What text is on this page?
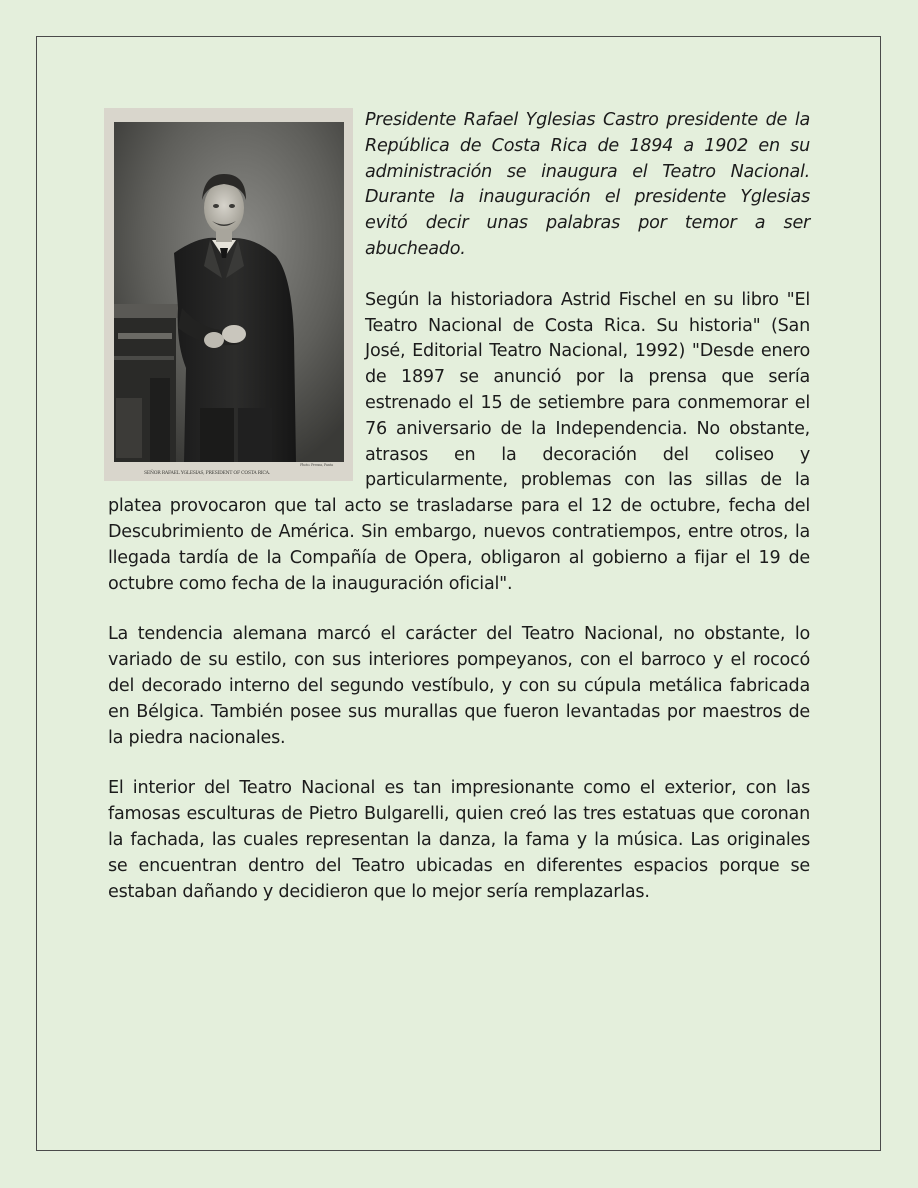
SEÑOR RAFAEL YGLESIAS, PRESIDENT OF COSTA RICA.
Photo. Prensa, Panta

Presidente Rafael Yglesias Castro presidente de la República de Costa Rica de 1894 a 1902 en su administración se inaugura el Teatro Nacional. Durante la inauguración el presidente Yglesias evitó decir unas palabras por temor a ser abucheado.

Según la historiadora Astrid Fischel en su libro "El Teatro Nacional de Costa Rica. Su historia" (San José, Editorial Teatro Nacional, 1992) "Desde enero de 1897 se anunció por la prensa que sería estrenado el 15 de setiembre para conmemorar el 76 aniversario de la Independencia. No obstante, atrasos en la decoración del coliseo y particularmente, problemas con las sillas de la platea provocaron que tal acto se trasladarse para el 12 de octubre, fecha del Descubrimiento de América. Sin embargo, nuevos contratiempos, entre otros, la llegada tardía de la Compañía de Opera, obligaron al gobierno a fijar el 19 de octubre como fecha de la inauguración oficial".

La tendencia alemana marcó el carácter del Teatro Nacional, no obstante, lo variado de su estilo, con sus interiores pompeyanos, con el barroco y el rococó del decorado interno del segundo vestíbulo, y con su cúpula metálica fabricada en Bélgica. También posee sus murallas que fueron levantadas por maestros de la piedra nacionales.

El interior del Teatro Nacional es tan impresionante como el exterior, con las famosas esculturas de Pietro Bulgarelli, quien creó las tres estatuas que coronan la fachada, las cuales representan la danza, la fama y la música. Las originales se encuentran dentro del Teatro ubicadas en diferentes espacios porque se estaban dañando y decidieron que lo mejor sería remplazarlas.
